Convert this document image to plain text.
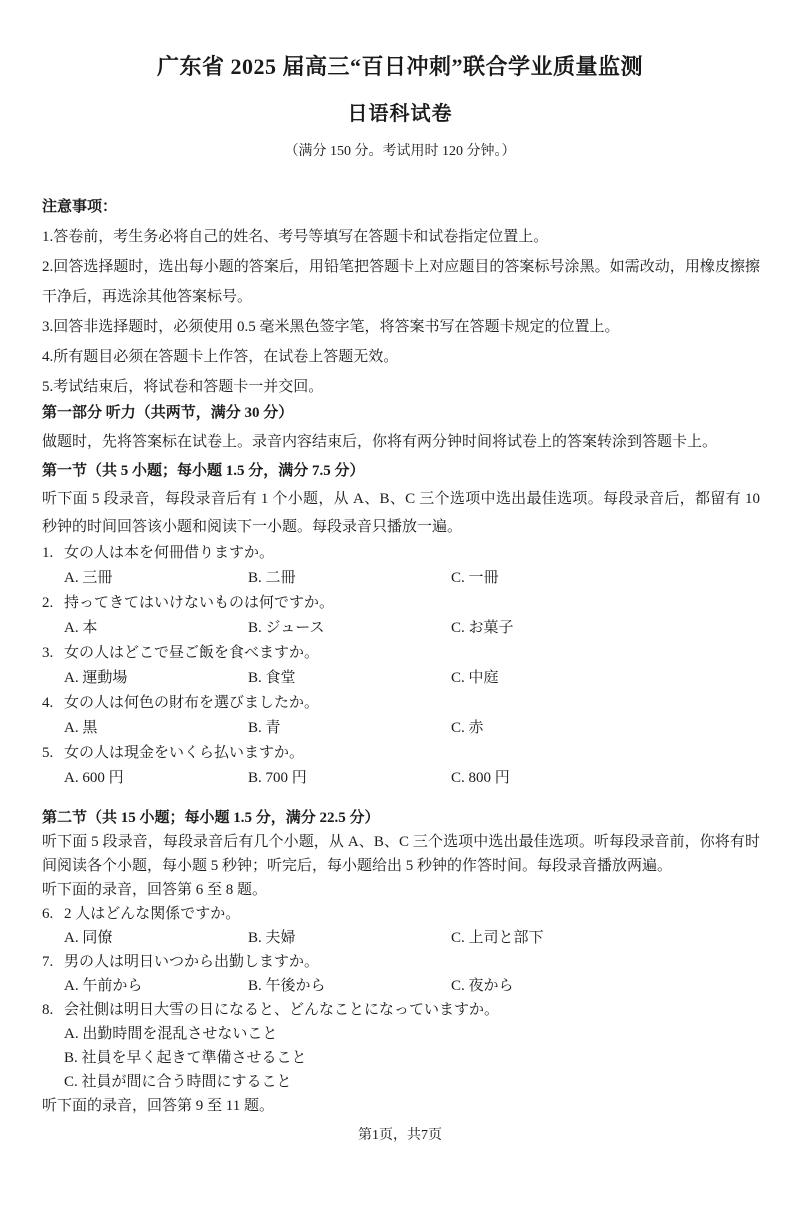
广东省 2025 届高三“百日冲刺”联合学业质量监测
日语科试卷
（满分 150 分。考试用时 120 分钟。）
注意事项：
1.答卷前，考生务必将自己的姓名、考号等填写在答题卡和试卷指定位置上。
2.回答选择题时，选出每小题的答案后，用铅笔把答题卡上对应题目的答案标号涂黑。如需改动，用橡皮擦擦干净后，再选涂其他答案标号。
3.回答非选择题时，必须使用 0.5 毫米黑色签字笔，将答案书写在答题卡规定的位置上。
4.所有题目必须在答题卡上作答，在试卷上答题无效。
5.考试结束后，将试卷和答题卡一并交回。
第一部分 听力（共两节，满分 30 分）
做题时，先将答案标在试卷上。录音内容结束后，你将有两分钟时间将试卷上的答案转涂到答题卡上。
第一节（共 5 小题；每小题 1.5 分，满分 7.5 分）
听下面 5 段录音，每段录音后有 1 个小题，从 A、B、C 三个选项中选出最佳选项。每段录音后，都留有 10 秒钟的时间回答该小题和阅读下一小题。每段录音只播放一遍。
1. 女の人は本を何冊借りますか。
A. 三冊	B. 二冊	C. 一冊
2. 持ってきてはいけないものは何ですか。
A. 本	B. ジュース	C. お菓子
3. 女の人はどこで昼ご飯を食べますか。
A. 運動場	B. 食堂	C. 中庭
4. 女の人は何色の財布を選びましたか。
A. 黒	B. 青	C. 赤
5. 女の人は現金をいくら払いますか。
A. 600 円	B. 700 円	C. 800 円
第二节（共 15 小题；每小题 1.5 分，满分 22.5 分）
听下面 5 段录音，每段录音后有几个小题，从 A、B、C 三个选项中选出最佳选项。听每段录音前，你将有时间阅读各个小题，每小题 5 秒钟；听完后，每小题给出 5 秒钟的作答时间。每段录音播放两遍。
听下面的录音，回答第 6 至 8 题。
6. 2 人はどんな関係ですか。
A. 同僚	B. 夫婦	C. 上司と部下
7. 男の人は明日いつから出勤しますか。
A. 午前から	B. 午後から	C. 夜から
8. 会社側は明日大雪の日になると、どんなことになっていますか。
A. 出勤時間を混乱させないこと
B. 社員を早く起きて準備させること
C. 社員が間に合う時間にすること
听下面的录音，回答第 9 至 11 题。
第1页，共7页
